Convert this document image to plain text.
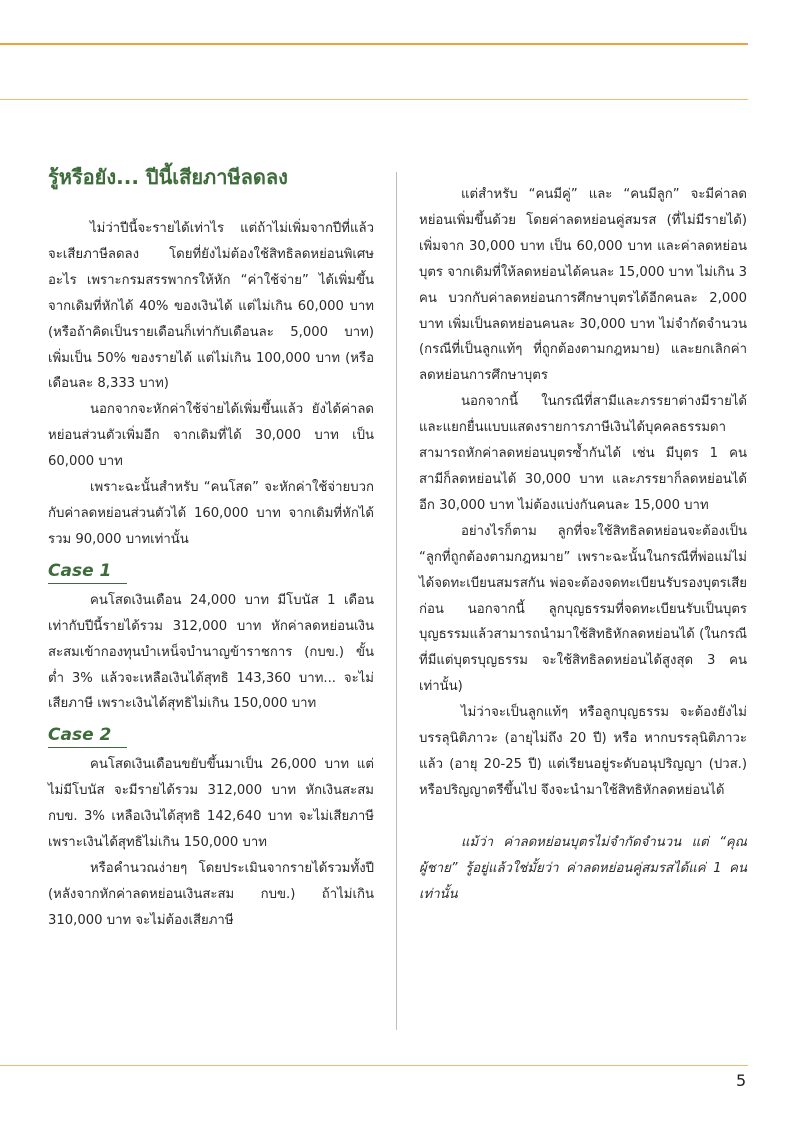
รู้หรือยัง... ปีนี้เสียภาษีลดลง

ไม่ว่าปีนี้จะรายได้เท่าไร แต่ถ้าไม่เพิ่มจากปีที่แล้ว จะเสียภาษีลดลง โดยที่ยังไม่ต้องใช้สิทธิลดหย่อนพิเศษอะไร เพราะกรมสรรพากรให้หัก “ค่าใช้จ่าย” ได้เพิ่มขึ้น จากเดิมที่หักได้ 40% ของเงินได้ แต่ไม่เกิน 60,000 บาท (หรือถ้าคิดเป็นรายเดือนก็เท่ากับเดือนละ 5,000 บาท) เพิ่มเป็น 50% ของรายได้ แต่ไม่เกิน 100,000 บาท (หรือเดือนละ 8,333 บาท)

นอกจากจะหักค่าใช้จ่ายได้เพิ่มขึ้นแล้ว ยังได้ค่าลดหย่อนส่วนตัวเพิ่มอีก จากเดิมที่ได้ 30,000 บาท เป็น 60,000 บาท

เพราะฉะนั้นสำหรับ “คนโสด” จะหักค่าใช้จ่ายบวกกับค่าลดหย่อนส่วนตัวได้ 160,000 บาท จากเดิมที่หักได้รวม 90,000 บาทเท่านั้น

Case 1

คนโสดเงินเดือน 24,000 บาท มีโบนัส 1 เดือน เท่ากับปีนี้รายได้รวม 312,000 บาท หักค่าลดหย่อนเงินสะสมเข้ากองทุนบำเหน็จบำนาญข้าราชการ (กบข.) ขั้นต่ำ 3% แล้วจะเหลือเงินได้สุทธิ 143,360 บาท... จะไม่เสียภาษี เพราะเงินได้สุทธิไม่เกิน 150,000 บาท

Case 2

คนโสดเงินเดือนขยับขึ้นมาเป็น 26,000 บาท แต่ไม่มีโบนัส จะมีรายได้รวม 312,000 บาท หักเงินสะสม กบข. 3% เหลือเงินได้สุทธิ 142,640 บาท จะไม่เสียภาษี เพราะเงินได้สุทธิไม่เกิน 150,000 บาท

หรือคำนวณง่ายๆ โดยประเมินจากรายได้รวมทั้งปี (หลังจากหักค่าลดหย่อนเงินสะสม กบข.) ถ้าไม่เกิน 310,000 บาท จะไม่ต้องเสียภาษี

แต่สำหรับ “คนมีคู่” และ “คนมีลูก” จะมีค่าลดหย่อนเพิ่มขึ้นด้วย โดยค่าลดหย่อนคู่สมรส (ที่ไม่มีรายได้) เพิ่มจาก 30,000 บาท เป็น 60,000 บาท และค่าลดหย่อนบุตร จากเดิมที่ให้ลดหย่อนได้คนละ 15,000 บาท ไม่เกิน 3 คน บวกกับค่าลดหย่อนการศึกษาบุตรได้อีกคนละ 2,000 บาท เพิ่มเป็นลดหย่อนคนละ 30,000 บาท ไม่จำกัดจำนวน (กรณีที่เป็นลูกแท้ๆ ที่ถูกต้องตามกฎหมาย) และยกเลิกค่าลดหย่อนการศึกษาบุตร

นอกจากนี้ ในกรณีที่สามีและภรรยาต่างมีรายได้ และแยกยื่นแบบแสดงรายการภาษีเงินได้บุคคลธรรมดา สามารถหักค่าลดหย่อนบุตรซ้ำกันได้ เช่น มีบุตร 1 คน สามีก็ลดหย่อนได้ 30,000 บาท และภรรยาก็ลดหย่อนได้อีก 30,000 บาท ไม่ต้องแบ่งกันคนละ 15,000 บาท

อย่างไรก็ตาม ลูกที่จะใช้สิทธิลดหย่อนจะต้องเป็น “ลูกที่ถูกต้องตามกฎหมาย” เพราะฉะนั้นในกรณีที่พ่อแม่ไม่ได้จดทะเบียนสมรสกัน พ่อจะต้องจดทะเบียนรับรองบุตรเสียก่อน นอกจากนี้ ลูกบุญธรรมที่จดทะเบียนรับเป็นบุตรบุญธรรมแล้วสามารถนำมาใช้สิทธิหักลดหย่อนได้ (ในกรณีที่มีแต่บุตรบุญธรรม จะใช้สิทธิลดหย่อนได้สูงสุด 3 คนเท่านั้น)

ไม่ว่าจะเป็นลูกแท้ๆ หรือลูกบุญธรรม จะต้องยังไม่บรรลุนิติภาวะ (อายุไม่ถึง 20 ปี) หรือ หากบรรลุนิติภาวะแล้ว (อายุ 20-25 ปี) แต่เรียนอยู่ระดับอนุปริญญา (ปวส.) หรือปริญญาตรีขึ้นไป จึงจะนำมาใช้สิทธิหักลดหย่อนได้

แม้ว่า ค่าลดหย่อนบุตรไม่จำกัดจำนวน แต่ “คุณผู้ชาย” รู้อยู่แล้วใช่มั้ยว่า ค่าลดหย่อนคู่สมรสได้แค่ 1 คนเท่านั้น

5
